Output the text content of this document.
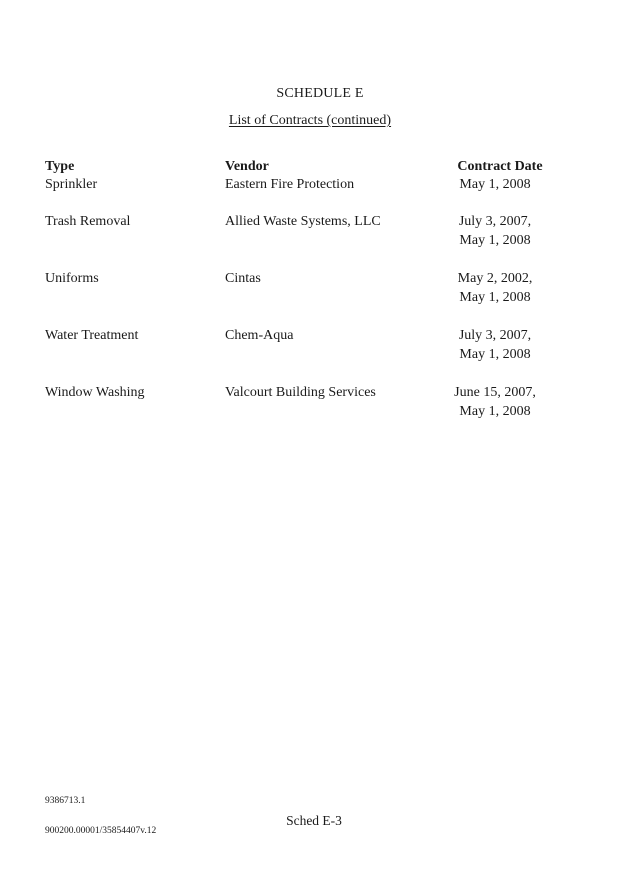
SCHEDULE E
List of Contracts (continued)
Type	Vendor	Contract Date
Sprinkler	Eastern Fire Protection	May 1, 2008
Trash Removal	Allied Waste Systems, LLC	July 3, 2007,
May 1, 2008
Uniforms	Cintas	May 2, 2002,
May 1, 2008
Water Treatment	Chem-Aqua	July 3, 2007,
May 1, 2008
Window Washing	Valcourt Building Services	June 15, 2007,
May 1, 2008
9386713.1
Sched E-3
900200.00001/35854407v.12
